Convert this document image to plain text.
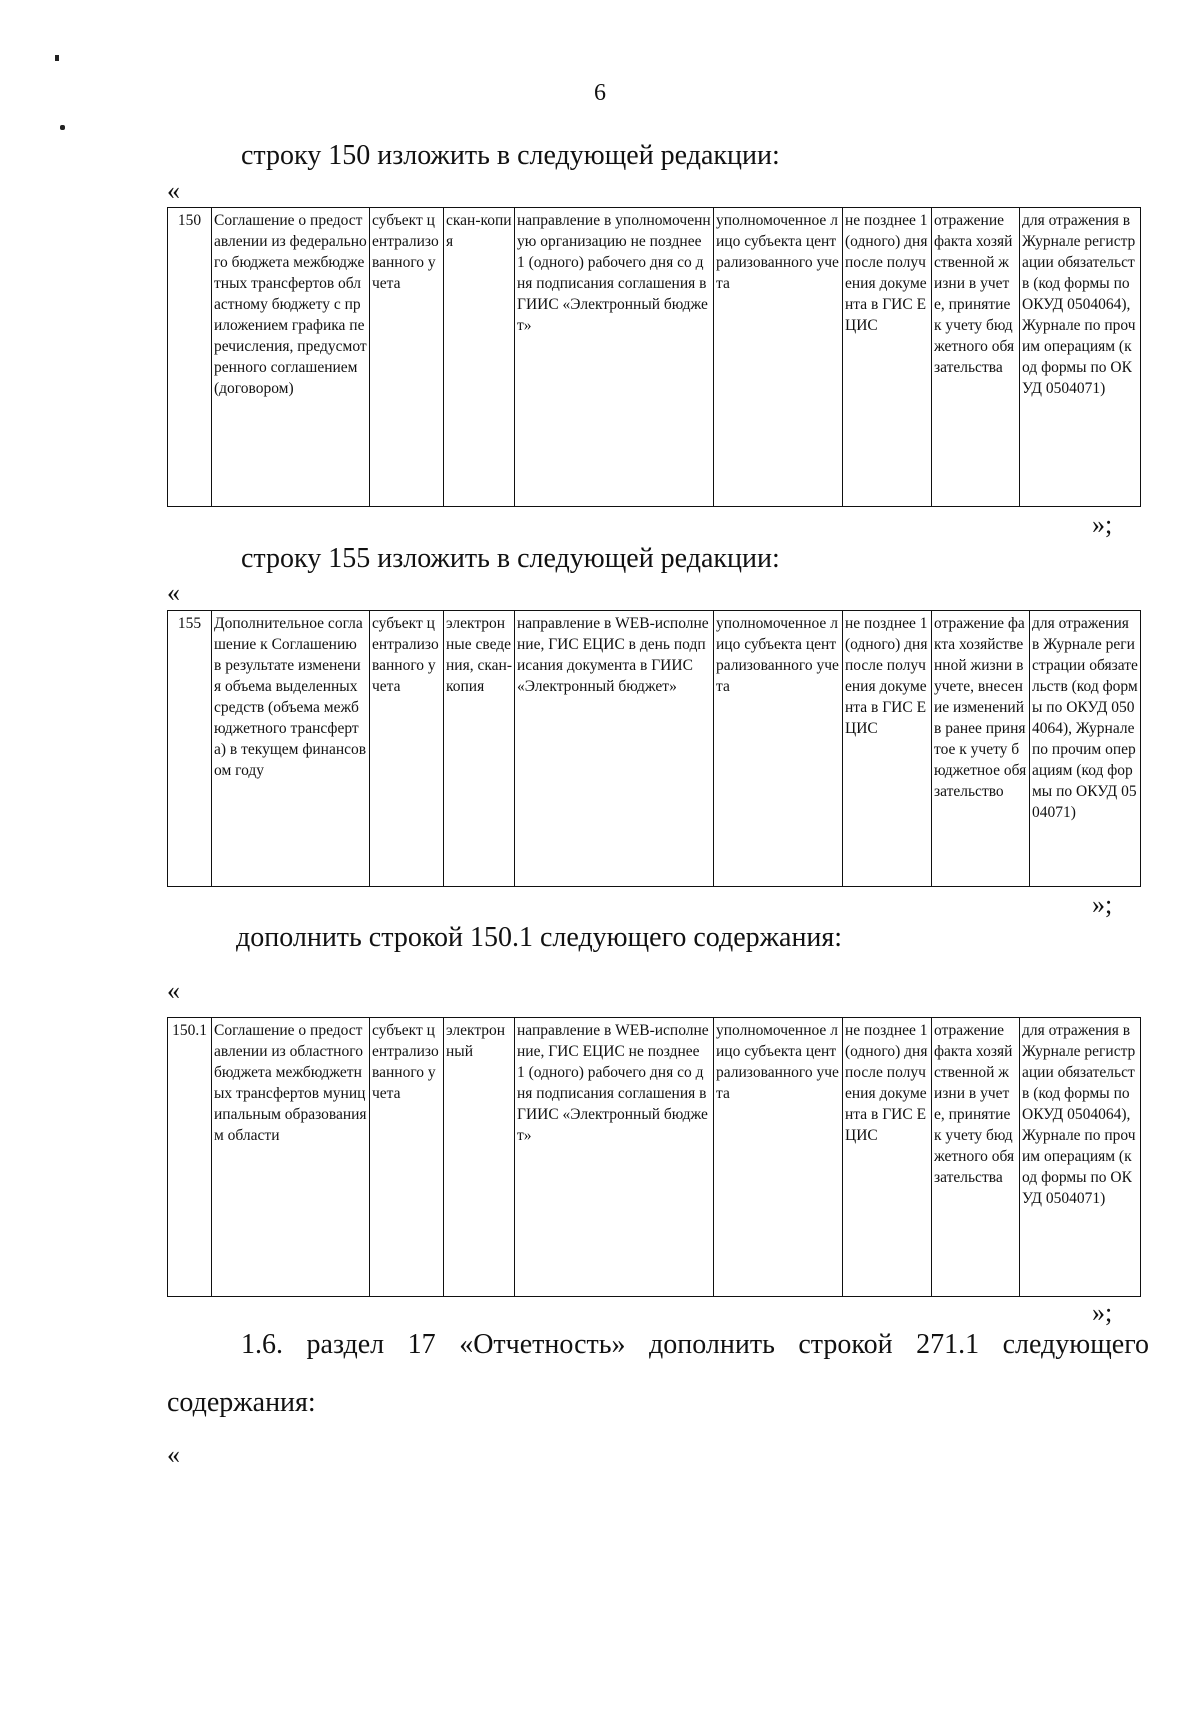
6
строку 150 изложить в следующей редакции:
«
150	Соглашение о предоставлении из федерального бюджета межбюджетных трансфертов областному бюджету с приложением графика перечисления, предусмотренного соглашением (договором)	субъект централизованного учета	скан-копия	направление в уполномоченную организацию не позднее 1 (одного) рабочего дня со дня подписания соглашения в ГИИС «Электронный бюджет»	уполномоченное лицо субъекта централизованного учета	не позднее 1 (одного) дня после получения документа в ГИС ЕЦИС	отражение факта хозяйственной жизни в учете, принятие к учету бюджетного обязательства	для отражения в Журнале регистрации обязательств (код формы по ОКУД 0504064), Журнале по прочим операциям (код формы по ОКУД 0504071)
»;
строку 155 изложить в следующей редакции:
«
155	Дополнительное соглашение к Соглашению в результате изменения объема выделенных средств (объема межбюджетного трансферта) в текущем финансовом году	субъект централизованного учета	электронные сведения, скан-копия	направление в WEB-исполнение, ГИС ЕЦИС в день подписания документа в ГИИС «Электронный бюджет»	уполномоченное лицо субъекта централизованного учета	не позднее 1 (одного) дня после получения документа в ГИС ЕЦИС	отражение факта хозяйственной жизни в учете, внесение изменений в ранее принятое к учету бюджетное обязательство	для отражения в Журнале регистрации обязательств (код формы по ОКУД 0504064), Журнале по прочим операциям (код формы по ОКУД 0504071)
»;
дополнить строкой 150.1 следующего содержания:
«
150.1	Соглашение о предоставлении из областного бюджета межбюджетных трансфертов муниципальным образованиям области	субъект централизованного учета	электронный	направление в WEB-исполнение, ГИС ЕЦИС не позднее 1 (одного) рабочего дня со дня подписания соглашения в ГИИС «Электронный бюджет»	уполномоченное лицо субъекта централизованного учета	не позднее 1 (одного) дня после получения документа в ГИС ЕЦИС	отражение факта хозяйственной жизни в учете, принятие к учету бюджетного обязательства	для отражения в Журнале регистрации обязательств (код формы по ОКУД 0504064), Журнале по прочим операциям (код формы по ОКУД 0504071)
»;
1.6. раздел 17 «Отчетность» дополнить строкой 271.1 следующего
содержания:
«
